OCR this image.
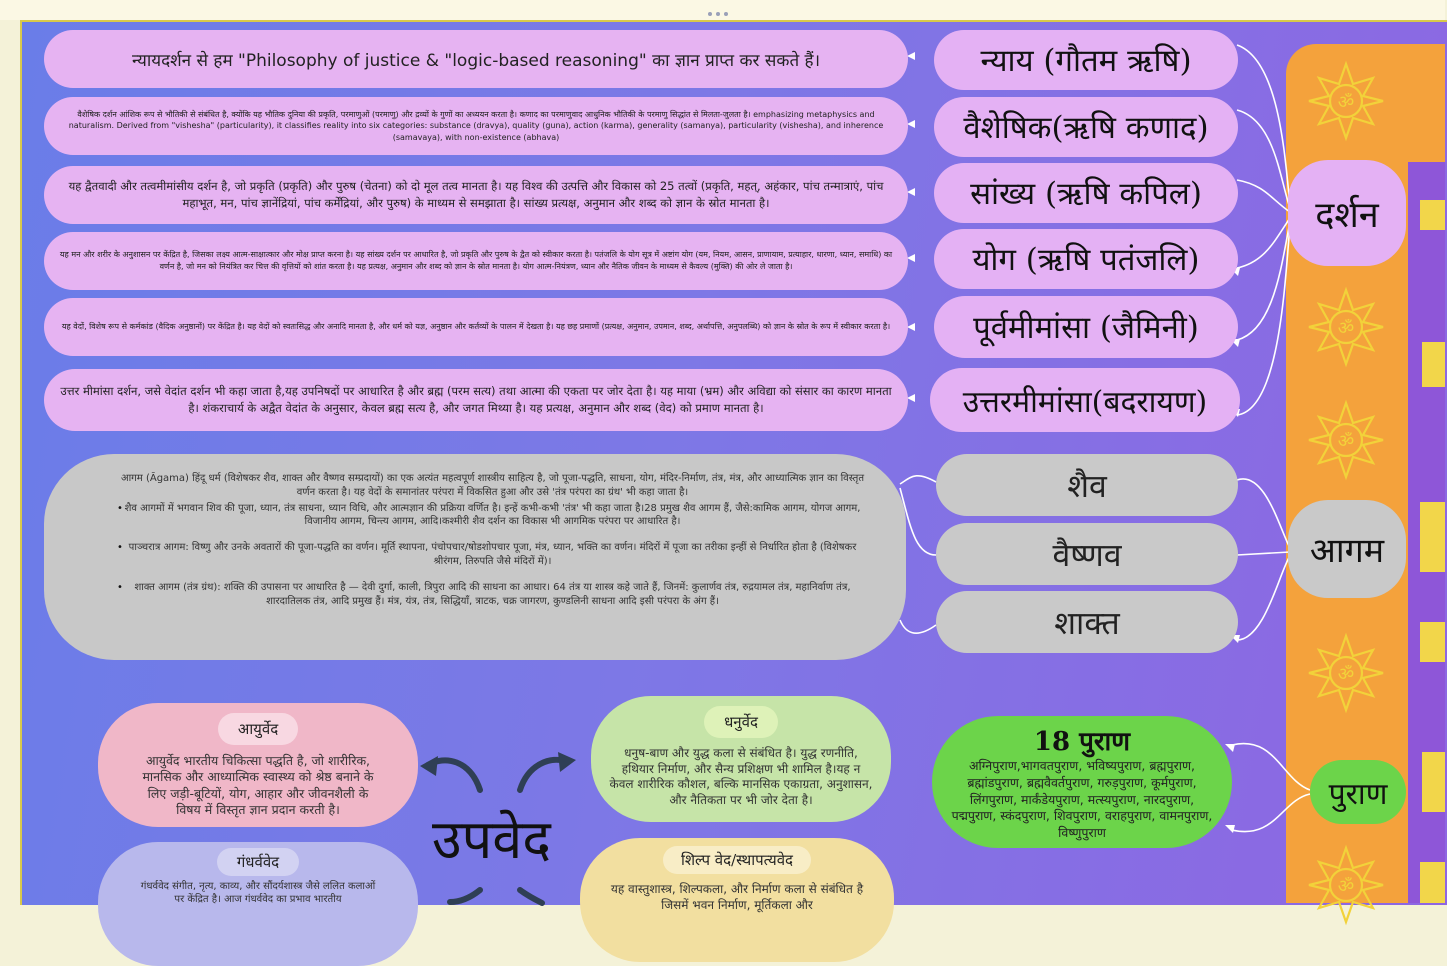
ॐ
ॐ
ॐ
ॐ
ॐ
न्यायदर्शन से हम "Philosophy of justice & "logic-based reasoning" का ज्ञान प्राप्त कर सकते हैं।
वैशेषिक दर्शन आंशिक रूप से भौतिकी से संबंधित है, क्योंकि यह भौतिक दुनिया की प्रकृति, परमाणुओं (परमाणु) और द्रव्यों के गुणों का अध्ययन करता है। कणाद का परमाणुवाद आधुनिक भौतिकी के परमाणु सिद्धांत से मिलता-जुलता है। emphasizing metaphysics and naturalism. Derived from "vishesha" (particularity), it classifies reality into six categories: substance (dravya), quality (guna), action (karma), generality (samanya), particularity (vishesha), and inherence (samavaya), with non-existence (abhava)
यह द्वैतवादी और तत्वमीमांसीय दर्शन है, जो प्रकृति (प्रकृति) और पुरुष (चेतना) को दो मूल तत्व मानता है। यह विश्व की उत्पत्ति और विकास को 25 तत्वों (प्रकृति, महत्, अहंकार, पांच तन्मात्राएं, पांच महाभूत, मन, पांच ज्ञानेंद्रियां, पांच कर्मेंद्रियां, और पुरुष) के माध्यम से समझाता है। सांख्य प्रत्यक्ष, अनुमान और शब्द को ज्ञान के स्रोत मानता है।
यह मन और शरीर के अनुशासन पर केंद्रित है, जिसका लक्ष्य आत्म-साक्षात्कार और मोक्ष प्राप्त करना है। यह सांख्य दर्शन पर आधारित है, जो प्रकृति और पुरुष के द्वैत को स्वीकार करता है। पतंजलि के योग सूत्र में अष्टांग योग (यम, नियम, आसन, प्राणायाम, प्रत्याहार, धारणा, ध्यान, समाधि) का वर्णन है, जो मन को नियंत्रित कर चित्त की वृत्तियों को शांत करता है। यह प्रत्यक्ष, अनुमान और शब्द को ज्ञान के स्रोत मानता है। योग आत्म-नियंत्रण, ध्यान और नैतिक जीवन के माध्यम से कैवल्य (मुक्ति) की ओर ले जाता है।
यह वेदों, विशेष रूप से कर्मकांड (वैदिक अनुष्ठानों) पर केंद्रित है। यह वेदों को स्वतःसिद्ध और अनादि मानता है, और धर्म को यज्ञ, अनुष्ठान और कर्तव्यों के पालन में देखता है। यह छह प्रमाणों (प्रत्यक्ष, अनुमान, उपमान, शब्द, अर्थापत्ति, अनुपलब्धि) को ज्ञान के स्रोत के रूप में स्वीकार करता है।
उत्तर मीमांसा दर्शन, जसे वेदांत दर्शन भी कहा जाता है,यह उपनिषदों पर आधारित है और ब्रह्म (परम सत्य) तथा आत्मा की एकता पर जोर देता है। यह माया (भ्रम) और अविद्या को संसार का कारण मानता है। शंकराचार्य के अद्वैत वेदांत के अनुसार, केवल ब्रह्म सत्य है, और जगत मिथ्या है। यह प्रत्यक्ष, अनुमान और शब्द (वेद) को प्रमाण मानता है।
न्याय (गौतम ऋषि)
वैशेषिक(ऋषि कणाद)
सांख्य (ऋषि कपिल)
योग (ऋषि पतंजलि)
पूर्वमीमांसा (जैमिनी)
उत्तरमीमांसा(बदरायण)

आगम (Āgama) हिंदू धर्म (विशेषकर शैव, शाक्त और वैष्णव सम्प्रदायों) का एक अत्यंत महत्वपूर्ण शास्त्रीय साहित्य है, जो पूजा-पद्धति, साधना, योग, मंदिर-निर्माण, तंत्र, मंत्र, और आध्यात्मिक ज्ञान का विस्तृत वर्णन करता है। यह वेदों के समानांतर परंपरा में विकसित हुआ और उसे 'तंत्र परंपरा का ग्रंथ' भी कहा जाता है।

• शैव आगमों में भगवान शिव की पूजा, ध्यान, तंत्र साधना, ध्यान विधि, और आत्मज्ञान की प्रक्रिया वर्णित है। इन्हें कभी-कभी 'तंत्र' भी कहा जाता है।28 प्रमुख शैव आगम हैं, जैसे:कामिक आगम, योगज आगम, विजानीय आगम, चिन्त्य आगम, आदि।कश्मीरी शैव दर्शन का विकास भी आगमिक परंपरा पर आधारित है।
• पाञ्चरात्र आगम: विष्णु और उनके अवतारों की पूजा-पद्धति का वर्णन। मूर्ति स्थापना, पंचोपचार/षोडशोपचार पूजा, मंत्र, ध्यान, भक्ति का वर्णन। मंदिरों में पूजा का तरीका इन्हीं से निर्धारित होता है (विशेषकर श्रीरंगम, तिरुपति जैसे मंदिरों में)।
• शाक्त आगम (तंत्र ग्रंथ): शक्ति की उपासना पर आधारित है — देवी दुर्गा, काली, त्रिपुरा आदि की साधना का आधार। 64 तंत्र या शास्त्र कहे जाते हैं, जिनमें: कुलार्णव तंत्र, रुद्रयामल तंत्र, महानिर्वाण तंत्र, शारदातिलक तंत्र, आदि प्रमुख हैं। मंत्र, यंत्र, तंत्र, सिद्धियाँ, त्राटक, चक्र जागरण, कुण्डलिनी साधना आदि इसी परंपरा के अंग हैं।
शैव
वैष्णव
शाक्त
18 पुराण
अग्निपुराण,भागवतपुराण, भविष्यपुराण, ब्रह्मपुराण, ब्रह्मांडपुराण, ब्रह्मवैवर्तपुराण, गरुड़पुराण, कूर्मपुराण, लिंगपुराण, मार्कंडेयपुराण, मत्स्यपुराण, नारदपुराण, पद्मपुराण, स्कंदपुराण, शिवपुराण, वराहपुराण, वामनपुराण, विष्णुपुराण
दर्शन
आगम
पुराण
उपवेद
आयुर्वेद
आयुर्वेद भारतीय चिकित्सा पद्धति है, जो शारीरिक, मानसिक और आध्यात्मिक स्वास्थ्य को श्रेष्ठ बनाने के लिए जड़ी-बूटियों, योग, आहार और जीवनशैली के विषय में विस्तृत ज्ञान प्रदान करती है।
धनुर्वेद
धनुष-बाण और युद्ध कला से संबंधित है। युद्ध रणनीति, हथियार निर्माण, और सैन्य प्रशिक्षण भी शामिल है।यह न केवल शारीरिक कौशल, बल्कि मानसिक एकाग्रता, अनुशासन, और नैतिकता पर भी जोर देता है।
गंधर्ववेद
गंधर्ववेद संगीत, नृत्य, काव्य, और सौंदर्यशास्त्र जैसे ललित कलाओं पर केंद्रित है। आज गंधर्ववेद का प्रभाव भारतीय
शिल्प वेद/स्थापत्यवेद
यह वास्तुशास्त्र, शिल्पकला, और निर्माण कला से संबंधित है जिसमें भवन निर्माण, मूर्तिकला और
